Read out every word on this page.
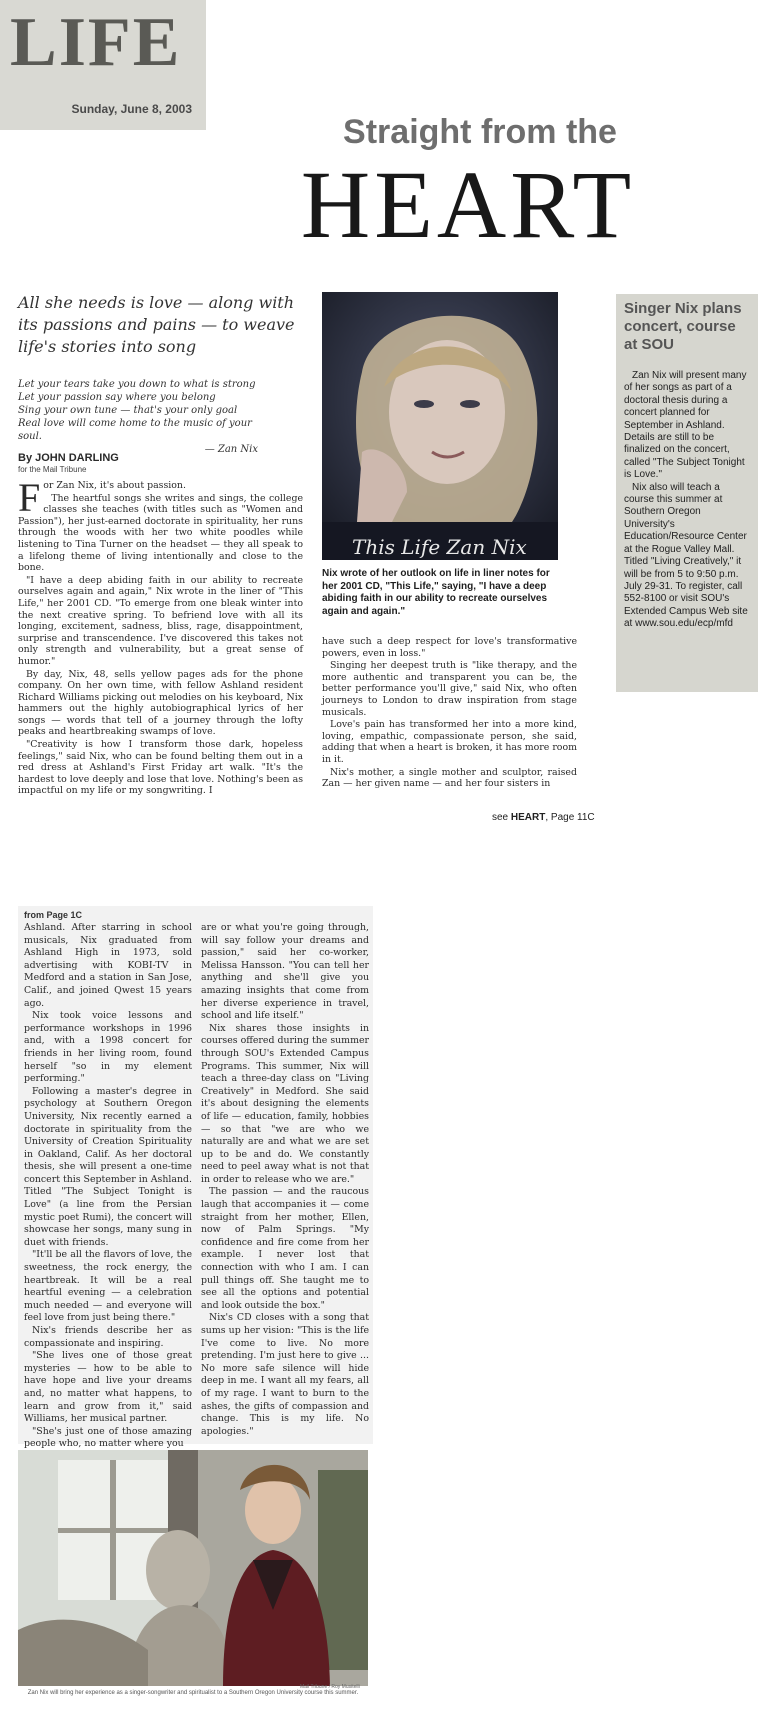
LIFE
Sunday, June 8, 2003
Straight from the
HEART
All she needs is love — along with its passions and pains — to weave life's stories into song
Let your tears take you down to what is strong
Let your passion say where you belong
Sing your own tune — that's your only goal
Real love will come home to the music of your soul.
— Zan Nix
By JOHN DARLING
for the Mail Tribune

For Zan Nix, it's about passion.

The heartful songs she writes and sings, the college classes she teaches (with titles such as "Women and Passion"), her just-earned doctorate in spirituality, her runs through the woods with her two white poodles while listening to Tina Turner on the headset — they all speak to a lifelong theme of living intentionally and close to the bone.

"I have a deep abiding faith in our ability to recreate ourselves again and again," Nix wrote in the liner of "This Life," her 2001 CD. "To emerge from one bleak winter into the next creative spring. To befriend love with all its longing, excitement, sadness, bliss, rage, disappointment, surprise and transcendence. I've discovered this takes not only strength and vulnerability, but a great sense of humor."

By day, Nix, 48, sells yellow pages ads for the phone company. On her own time, with fellow Ashland resident Richard Williams picking out melodies on his keyboard, Nix hammers out the highly autobiographical lyrics of her songs — words that tell of a journey through the lofty peaks and heartbreaking swamps of love.

"Creativity is how I transform those dark, hopeless feelings," said Nix, who can be found belting them out in a red dress at Ashland's First Friday art walk. "It's the hardest to love deeply and lose that love. Nothing's been as impactful on my life or my songwriting. I

This Life Zan Nix
Nix wrote of her outlook on life in liner notes for her 2001 CD, "This Life," saying, "I have a deep abiding faith in our ability to recreate ourselves again and again."

have such a deep respect for love's transformative powers, even in loss."

Singing her deepest truth is "like therapy, and the more authentic and transparent you can be, the better performance you'll give," said Nix, who often journeys to London to draw inspiration from stage musicals.

Love's pain has transformed her into a more kind, loving, empathic, compassionate person, she said, adding that when a heart is broken, it has more room in it.

Nix's mother, a single mother and sculptor, raised Zan — her given name — and her four sisters in

see HEART, Page 11C
Singer Nix plans concert, course at SOU

Zan Nix will present many of her songs as part of a doctoral thesis during a concert planned for September in Ashland. Details are still to be finalized on the concert, called "The Subject Tonight is Love."

Nix also will teach a course this summer at Southern Oregon University's Education/Resource Center at the Rogue Valley Mall. Titled "Living Creatively," it will be from 5 to 9:50 p.m. July 29-31. To register, call 552-8100 or visit SOU's Extended Campus Web site at www.sou.edu/ecp/mfd

from Page 1C

Ashland. After starring in school musicals, Nix graduated from Ashland High in 1973, sold advertising with KOBI-TV in Medford and a station in San Jose, Calif., and joined Qwest 15 years ago.

Nix took voice lessons and performance workshops in 1996 and, with a 1998 concert for friends in her living room, found herself "so in my element performing."

Following a master's degree in psychology at Southern Oregon University, Nix recently earned a doctorate in spirituality from the University of Creation Spirituality in Oakland, Calif. As her doctoral thesis, she will present a one-time concert this September in Ashland. Titled "The Subject Tonight is Love" (a line from the Persian mystic poet Rumi), the concert will showcase her songs, many sung in duet with friends.

"It'll be all the flavors of love, the sweetness, the rock energy, the heartbreak. It will be a real heartful evening — a celebration much needed — and everyone will feel love from just being there."

Nix's friends describe her as compassionate and inspiring.

"She lives one of those great mysteries — how to be able to have hope and live your dreams and, no matter what happens, to learn and grow from it," said Williams, her musical partner.

"She's just one of those amazing people who, no matter where you

are or what you're going through, will say follow your dreams and passion," said her co-worker, Melissa Hansson. "You can tell her anything and she'll give you amazing insights that come from her diverse experience in travel, school and life itself."

Nix shares those insights in courses offered during the summer through SOU's Extended Campus Programs. This summer, Nix will teach a three-day class on "Living Creatively" in Medford. She said it's about designing the elements of life — education, family, hobbies — so that "we are who we naturally are and what we are set up to be and do. We constantly need to peel away what is not that in order to release who we are."

The passion — and the raucous laugh that accompanies it — come straight from her mother, Ellen, now of Palm Springs. "My confidence and fire come from her example. I never lost that connection with who I am. I can pull things off. She taught me to see all the options and potential and look outside the box."

Nix's CD closes with a song that sums up her vision: "This is the life I've come to live. No more pretending. I'm just here to give ... No more safe silence will hide deep in me. I want all my fears, all of my rage. I want to burn to the ashes, the gifts of compassion and change. This is my life. No apologies."

Mail Tribune / Roy Musitelli
Zan Nix will bring her experience as a singer-songwriter and spiritualist to a Southern Oregon University course this summer.
